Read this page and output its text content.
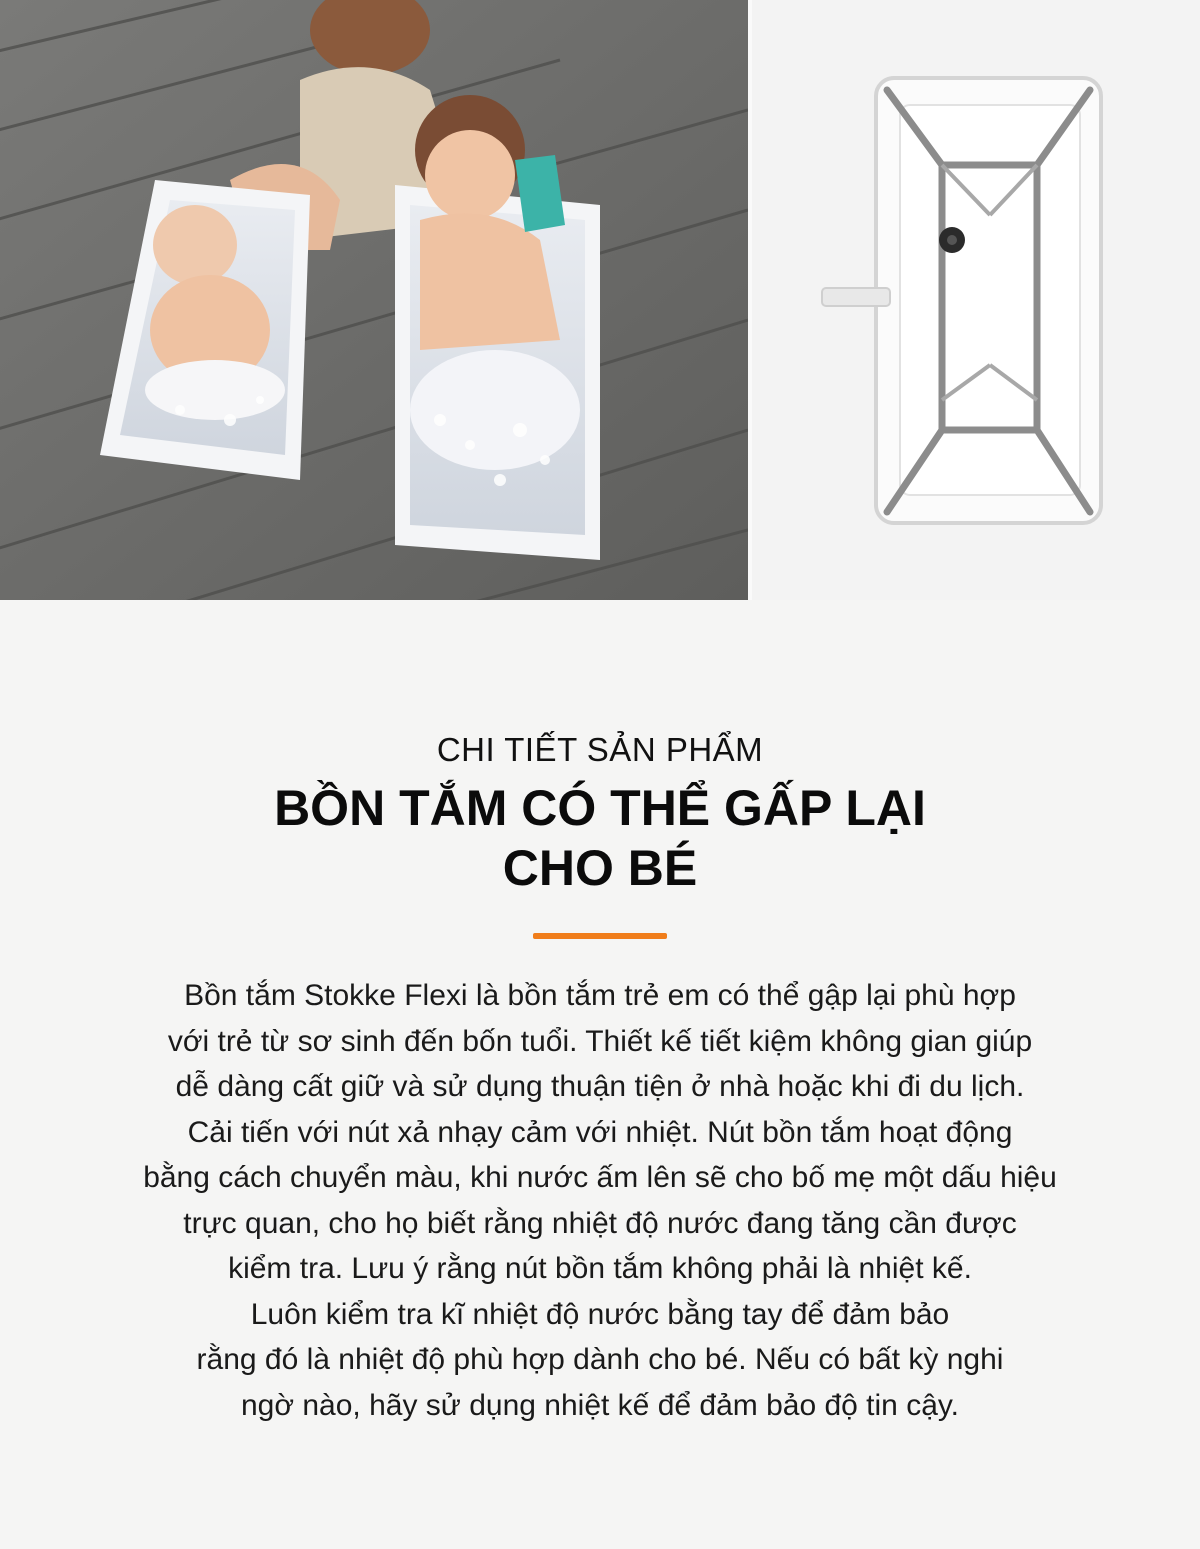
CHI TIẾT SẢN PHẨM
BỒN TẮM CÓ THỂ GẤP LẠI
CHO BÉ
Bồn tắm Stokke Flexi là bồn tắm trẻ em có thể gập lại phù hợp
với trẻ từ sơ sinh đến bốn tuổi. Thiết kế tiết kiệm không gian giúp
dễ dàng cất giữ và sử dụng thuận tiện ở nhà hoặc khi đi du lịch.
Cải tiến với nút xả nhạy cảm với nhiệt. Nút bồn tắm hoạt động
bằng cách chuyển màu, khi nước ấm lên sẽ cho bố mẹ một dấu hiệu
trực quan, cho họ biết rằng nhiệt độ nước đang tăng cần được
kiểm tra. Lưu ý rằng nút bồn tắm không phải là nhiệt kế.
Luôn kiểm tra kĩ nhiệt độ nước bằng tay để đảm bảo
rằng đó là nhiệt độ phù hợp dành cho bé. Nếu có bất kỳ nghi
ngờ nào, hãy sử dụng nhiệt kế để đảm bảo độ tin cậy.
